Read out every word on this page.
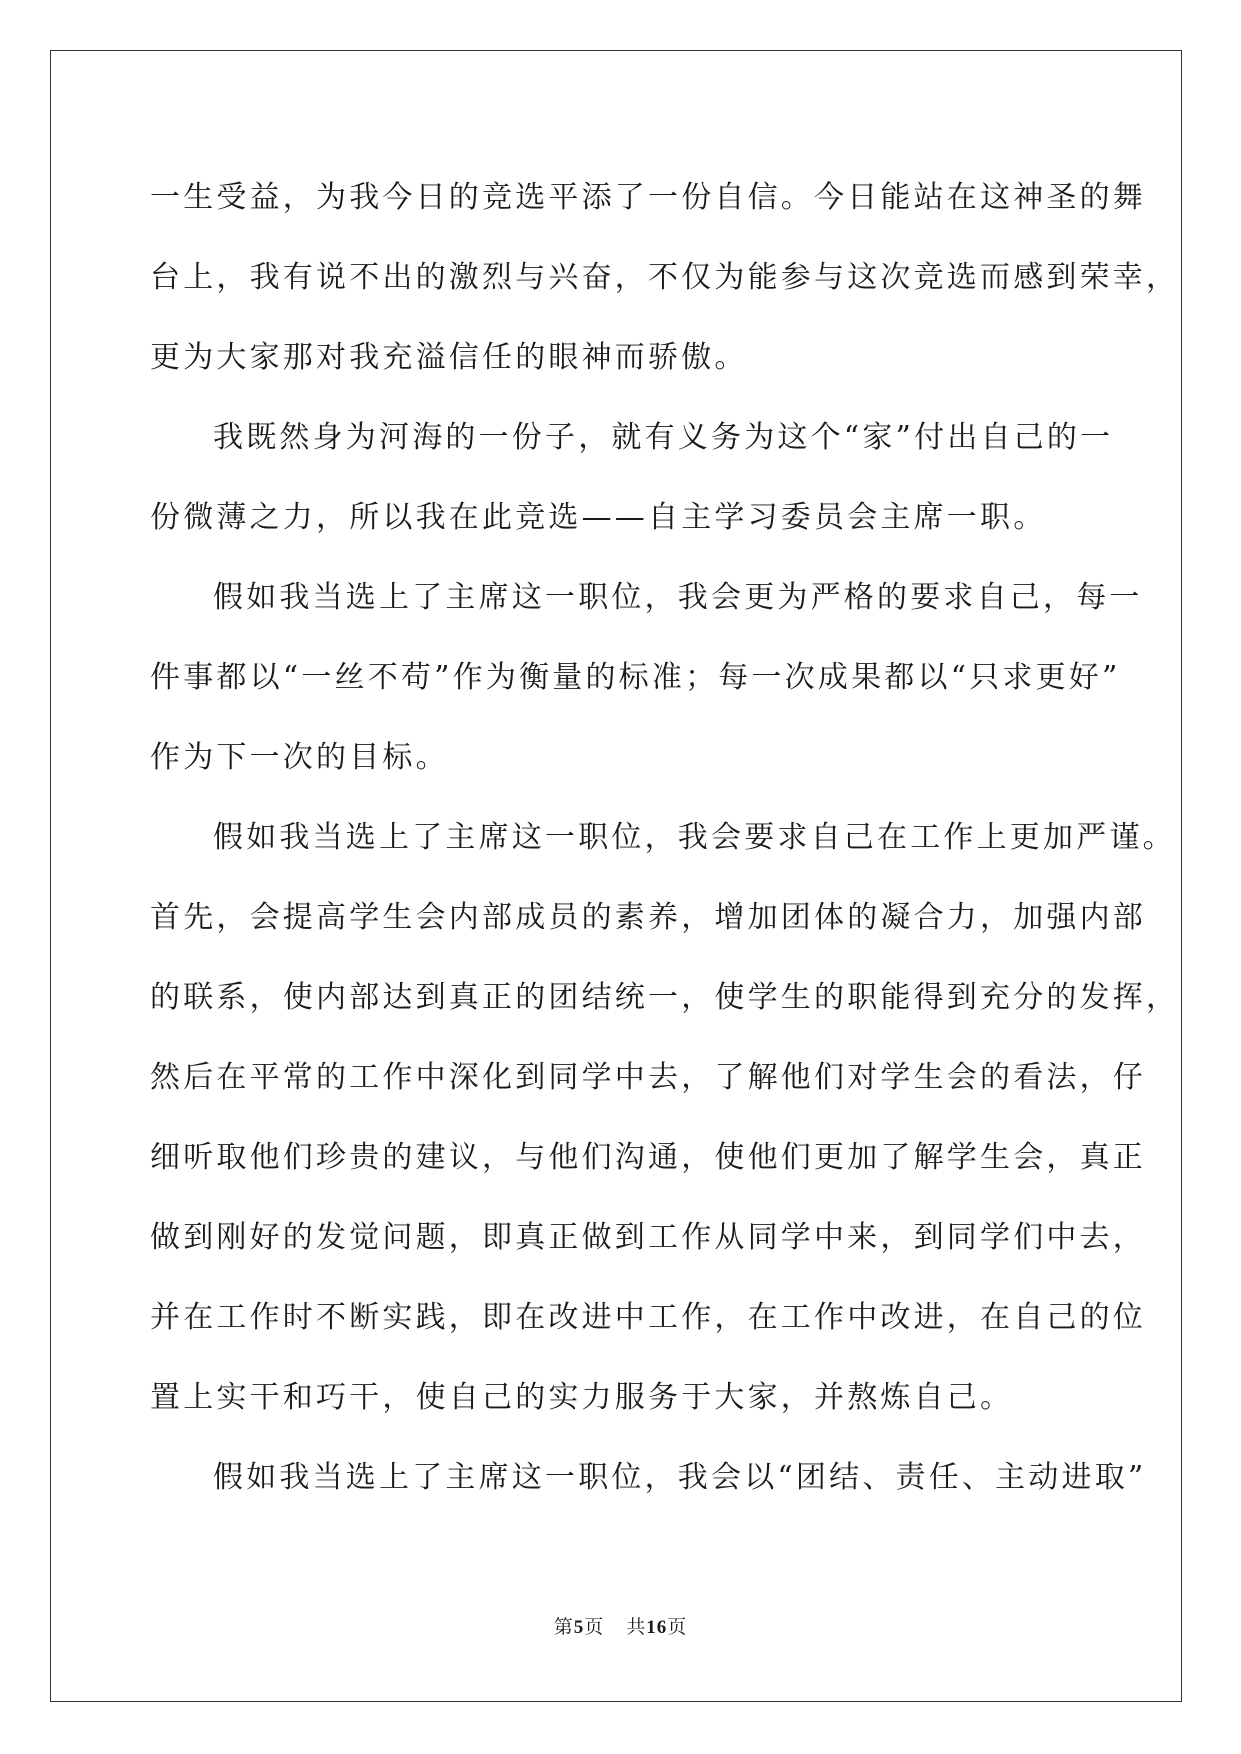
一生受益，为我今日的竞选平添了一份自信。今日能站在这神圣的舞
台上，我有说不出的激烈与兴奋，不仅为能参与这次竞选而感到荣幸，
更为大家那对我充溢信任的眼神而骄傲。
我既然身为河海的一份子，就有义务为这个“家”付出自己的一
份微薄之力，所以我在此竞选——自主学习委员会主席一职。
假如我当选上了主席这一职位，我会更为严格的要求自己，每一
件事都以“一丝不苟”作为衡量的标准；每一次成果都以“只求更好”
作为下一次的目标。
假如我当选上了主席这一职位，我会要求自己在工作上更加严谨。
首先，会提高学生会内部成员的素养，增加团体的凝合力，加强内部
的联系，使内部达到真正的团结统一，使学生的职能得到充分的发挥，
然后在平常的工作中深化到同学中去，了解他们对学生会的看法，仔
细听取他们珍贵的建议，与他们沟通，使他们更加了解学生会，真正
做到刚好的发觉问题，即真正做到工作从同学中来，到同学们中去，
并在工作时不断实践，即在改进中工作，在工作中改进，在自己的位
置上实干和巧干，使自己的实力服务于大家，并熬炼自己。
假如我当选上了主席这一职位，我会以“团结、责任、主动进取”
第5页 共16页
